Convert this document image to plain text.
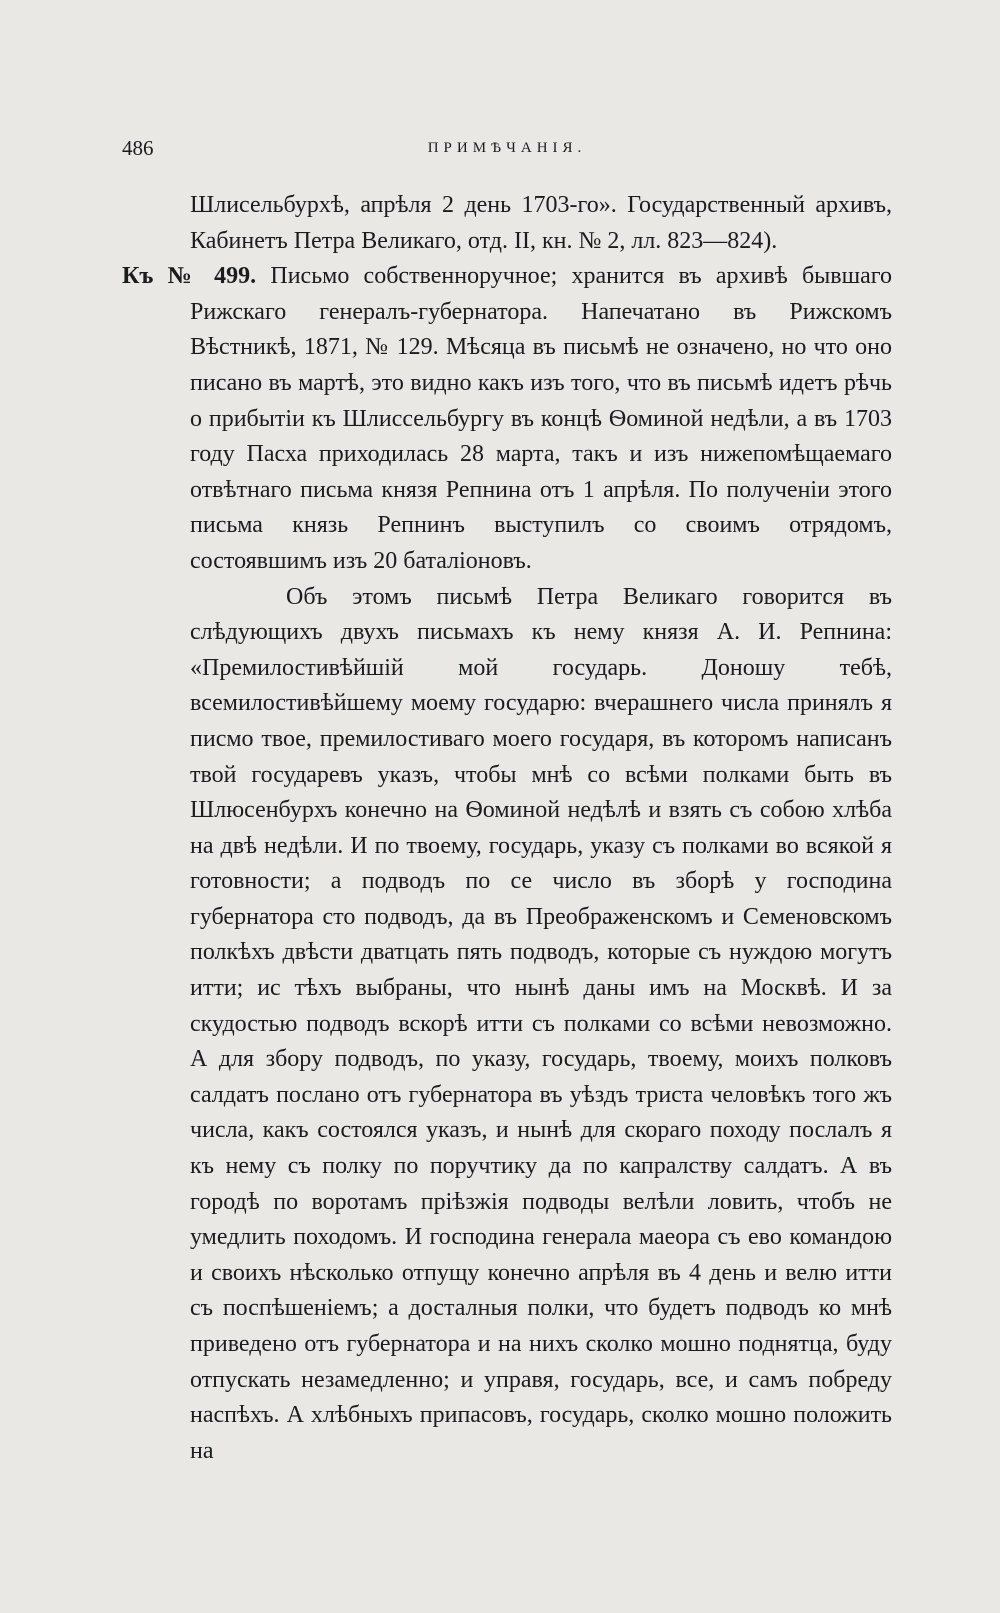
486	ПРИМѢЧАНІЯ.

Шлисельбурхѣ, апрѣля 2 день 1703-го». Государственный архивъ, Кабинетъ Петра Великаго, отд. II, кн. № 2, лл. 823—824).

Къ № 499. Письмо собственноручное; хранится въ архивѣ бывшаго Рижскаго генералъ-губернатора. Напечатано въ Рижскомъ Вѣстникѣ, 1871, № 129. Мѣсяца въ письмѣ не означено, но что оно писано въ мартѣ, это видно какъ изъ того, что въ письмѣ идетъ рѣчь о прибытіи къ Шлиссельбургу въ концѣ Ѳоминой недѣли, а въ 1703 году Пасха приходилась 28 марта, такъ и изъ нижепомѣщаемаго отвѣтнаго письма князя Репнина отъ 1 апрѣля. По полученіи этого письма князь Репнинъ выступилъ со своимъ отрядомъ, состоявшимъ изъ 20 баталіоновъ.

Объ этомъ письмѣ Петра Великаго говорится въ слѣдующихъ двухъ письмахъ къ нему князя А. И. Репнина: «Премилостивѣйшій мой государь. Доношу тебѣ, всемилостивѣйшему моему государю: вчерашнего числа принялъ я писмо твое, премилостиваго моего государя, въ которомъ написанъ твой государевъ указъ, чтобы мнѣ со всѣми полками быть въ Шлюсенбурхъ конечно на Ѳоминой недѣлѣ и взять съ собою хлѣба на двѣ недѣли. И по твоему, государь, указу съ полками во всякой я готовности; а подводъ по се число въ зборѣ у господина губернатора сто подводъ, да въ Преображенскомъ и Семеновскомъ полкѣхъ двѣсти дватцать пять подводъ, которые съ нуждою могутъ итти; ис тѣхъ выбраны, что нынѣ даны имъ на Москвѣ. И за скудостью подводъ вскорѣ итти съ полками со всѣми невозможно. А для збору подводъ, по указу, государь, твоему, моихъ полковъ салдатъ послано отъ губернатора въ уѣздъ триста человѣкъ того жъ числа, какъ состоялся указъ, и нынѣ для скораго походу послалъ я къ нему съ полку по поручтику да по капралству салдатъ. А въ городѣ по воротамъ пріѣзжія подводы велѣли ловить, чтобъ не умедлить походомъ. И господина генерала маеора съ ево командою и своихъ нѣсколько отпущу конечно апрѣля въ 4 день и велю итти съ поспѣшеніемъ; а досталныя полки, что будетъ подводъ ко мнѣ приведено отъ губернатора и на нихъ сколко мошно поднятца, буду отпускать незамедленно; и управя, государь, все, и самъ побреду наспѣхъ. А хлѣбныхъ припасовъ, государь, сколко мошно положить на
